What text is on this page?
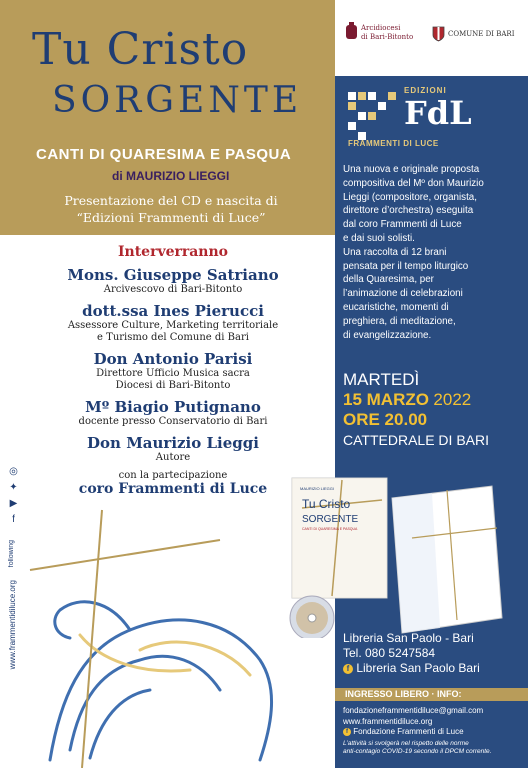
Tu Cristo
SORGENTE
CANTI DI QUARESIMA E PASQUA
di MAURIZIO LIEGGI
Presentazione del CD e nascita di
“Edizioni Frammenti di Luce”
Interverranno
Mons. Giuseppe Satriano
Arcivescovo di Bari-Bitonto
dott.ssa Ines Pierucci
Assessore Culture, Marketing territoriale
e Turismo del Comune di Bari
Don Antonio Parisi
Direttore Ufficio Musica sacra
Diocesi di Bari-Bitonto
Mº Biagio Putignano
docente presso Conservatorio di Bari
Don Maurizio Lieggi
Autore
con la partecipazione
coro Frammenti di Luce
◎
✦
▶
f
following
www.frammentidiluce.org
Arcidiocesi
di Bari-Bitonto	COMUNE DI BARI
EDIZIONI
FdL
FRAMMENTI DI LUCE
Una nuova e originale proposta
compositiva del Mº don Maurizio
Lieggi (compositore, organista,
direttore d’orchestra) eseguita
dal coro Frammenti di Luce
e dai suoi solisti.
Una raccolta di 12 brani
pensata per il tempo liturgico
della Quaresima, per
l’animazione di celebrazioni
eucaristiche, momenti di
preghiera, di meditazione,
di evangelizzazione.
MARTEDÌ
15 MARZO 2022
ORE 20.00
CATTEDRALE DI BARI
MAURIZIO LIEGGI
Tu Cristo
SORGENTE
CANTI DI QUARESIMA E PASQUA
Libreria San Paolo - Bari
Tel. 080 5247584
f Libreria San Paolo Bari
INGRESSO LIBERO · INFO:
fondazioneframmentidiluce@gmail.com
www.frammentidiluce.org
f Fondazione Frammenti di Luce
L’attività si svolgerà nel rispetto delle norme
anti-contagio COVID-19 secondo il DPCM corrente.
